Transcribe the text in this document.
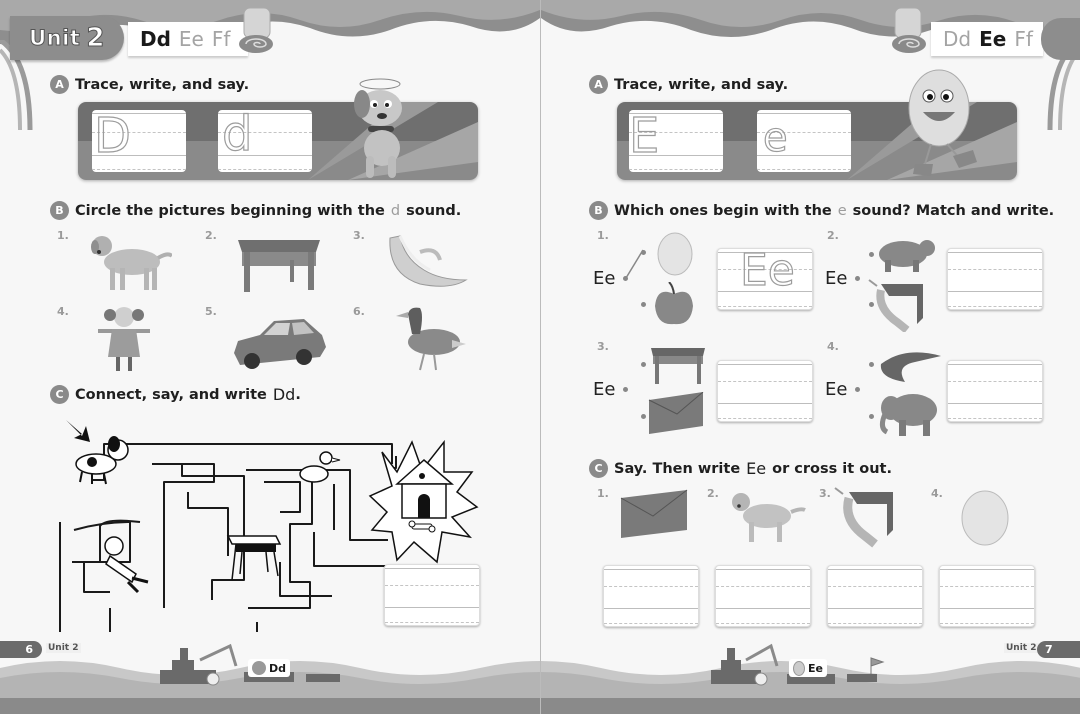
Unit 2 Dd Ee Ff
A Trace, write, and say.
D d
B Circle the pictures beginning with the d sound.
1.	2.	3.
4.	5.	6.
C Connect, say, and write Dd .
6 Unit 2
Dd
Dd Ee Ff
A Trace, write, and say.
E	e
B Which ones begin with the e sound? Match and write.
1.
Ee	Ee
2.
Ee
3.
Ee
4.
Ee
C Say. Then write Ee or cross it out.
1.	2.	3.	4.
Unit 2 7
Ee
